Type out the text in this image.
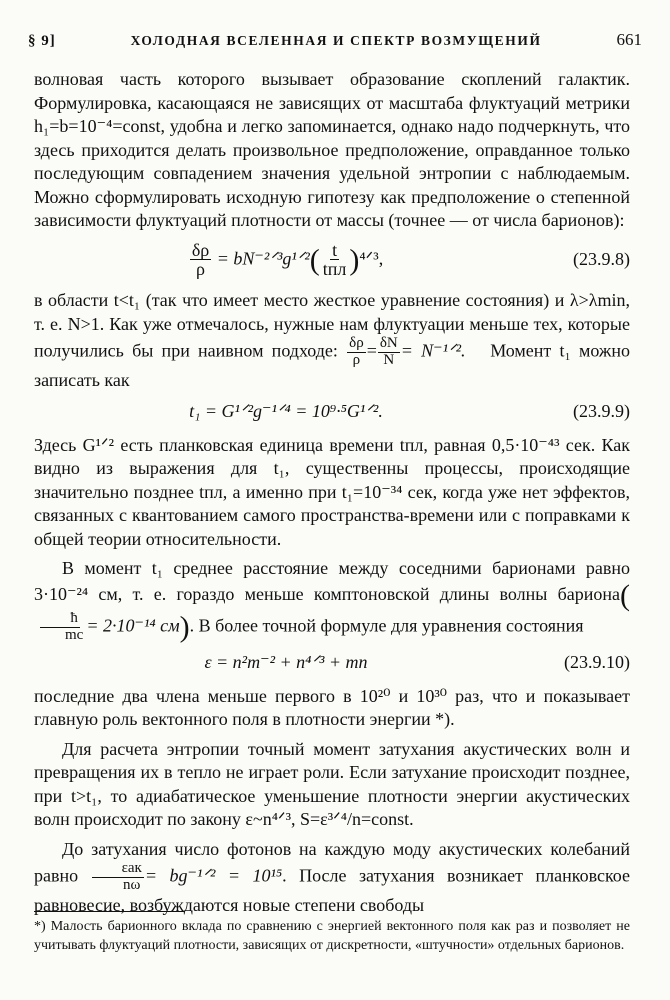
§ 9]	ХОЛОДНАЯ ВСЕЛЕННАЯ И СПЕКТР ВОЗМУЩЕНИЙ	661

волновая часть которого вызывает образование скоплений галактик. Формулировка, касающаяся не зависящих от масштаба флуктуаций метрики h₁=b=10⁻⁴=const, удобна и легко запоминается, однако надо подчеркнуть, что здесь приходится делать произвольное предположение, оправданное только последующим совпадением значения удельной энтропии с наблюдаемым. Можно сформулировать исходную гипотезу как предположение о степенной зависимости флуктуаций плотности от массы (точнее — от числа барионов):

$\frac{\delta\rho}{\rho}$ = bN⁻²ᐟ³g¹ᐟ²( $\frac{t}{\text{tпл}}$ )⁴ᐟ³,	(23.9.8)

в области t<t₁ (так что имеет место жесткое уравнение состояния) и λ>λmin, т. е. N>1. Как уже отмечалось, нужные нам флуктуации меньше тех, которые получились бы при наивном подходе: $\frac{\delta\rho}{\rho} = \frac{\delta N}{N}$ = N⁻¹ᐟ². Момент t₁ можно записать как

t₁ = G¹ᐟ²g⁻¹ᐟ⁴ = 10⁹·⁵G¹ᐟ².	(23.9.9)

Здесь G¹ᐟ² есть планковская единица времени tпл, равная 0,5·10⁻⁴³ сек. Как видно из выражения для t₁, существенны процессы, происходящие значительно позднее tпл, а именно при t₁=10⁻³⁴ сек, когда уже нет эффектов, связанных с квантованием самого пространства-времени или с поправками к общей теории относительности.

В момент t₁ среднее расстояние между соседними барионами равно 3·10⁻²⁴ см, т. е. гораздо меньше комптоновской длины волны бариона(
$\frac{ħ}{mc} = 2\cdot 10^{-14}$ см). В более точной формуле для уравнения состояния

ε = n²m⁻² + n⁴ᐟ³ + mn	(23.9.10)

последние два члена меньше первого в 10²⁰ и 10³⁰ раз, что и показывает главную роль вектонного поля в плотности энергии *).

Для расчета энтропии точный момент затухания акустических волн и превращения их в тепло не играет роли. Если затухание происходит позднее, при t>t₁, то адиабатическое уменьшение плотности энергии акустических волн происходит по закону ε~n⁴ᐟ³, S=ε³ᐟ⁴/n=const.

До затухания число фотонов на каждую моду акустических колебаний равно $\frac{\text{εак}}{n\omega}$ = bg⁻¹ᐟ² = 10¹⁵. После затухания возникает планковское равновесие, возбуждаются новые степени свободы

*) Малость барионного вклада по сравнению с энергией вектонного поля как раз и позволяет не учитывать флуктуаций плотности, зависящих от дискретности, «штучности» отдельных барионов.
